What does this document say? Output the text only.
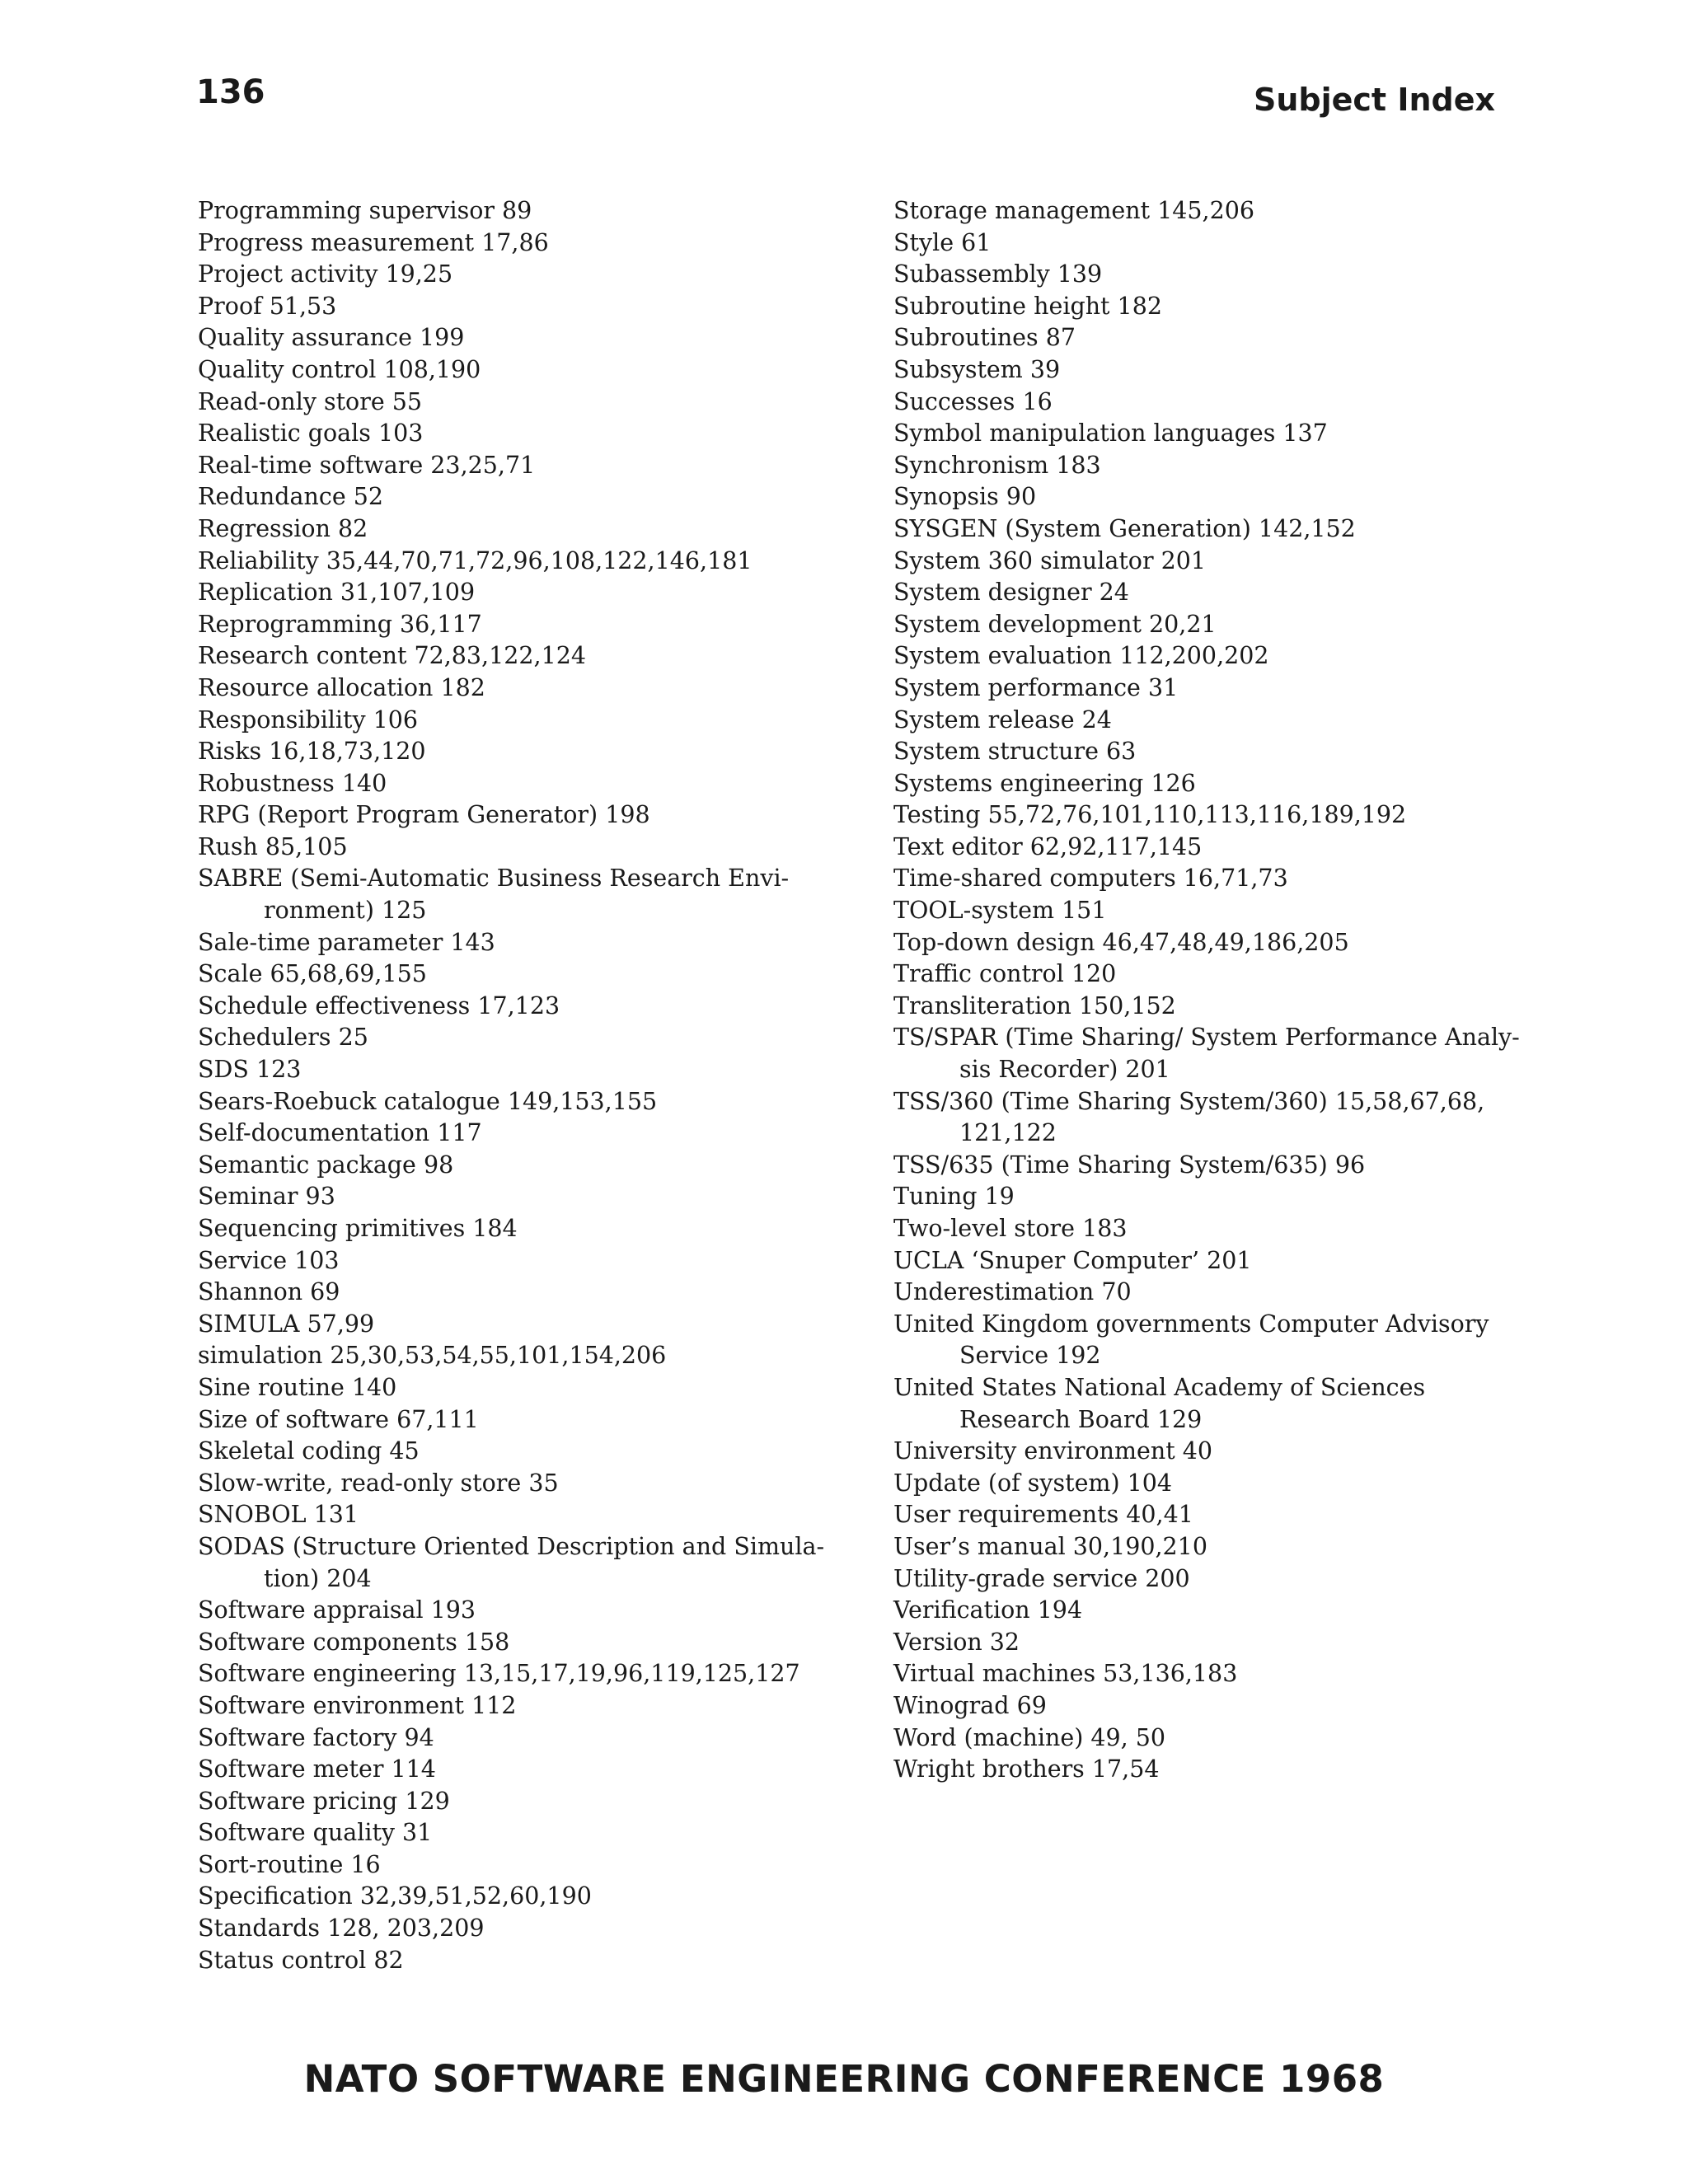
136	Subject Index

Programming supervisor 89

Progress measurement 17,86

Project activity 19,25

Proof 51,53

Quality assurance 199

Quality control 108,190

Read-only store 55

Realistic goals 103

Real-time software 23,25,71

Redundance 52

Regression 82

Reliability 35,44,70,71,72,96,108,122,146,181

Replication 31,107,109

Reprogramming 36,117

Research content 72,83,122,124

Resource allocation 182

Responsibility 106

Risks 16,18,73,120

Robustness 140

RPG (Report Program Generator) 198

Rush 85,105

SABRE (Semi-Automatic Business Research Envi-

ronment) 125

Sale-time parameter 143

Scale 65,68,69,155

Schedule effectiveness 17,123

Schedulers 25

SDS 123

Sears-Roebuck catalogue 149,153,155

Self-documentation 117

Semantic package 98

Seminar 93

Sequencing primitives 184

Service 103

Shannon 69

SIMULA 57,99

simulation 25,30,53,54,55,101,154,206

Sine routine 140

Size of software 67,111

Skeletal coding 45

Slow-write, read-only store 35

SNOBOL 131

SODAS (Structure Oriented Description and Simula-

tion) 204

Software appraisal 193

Software components 158

Software engineering 13,15,17,19,96,119,125,127

Software environment 112

Software factory 94

Software meter 114

Software pricing 129

Software quality 31

Sort-routine 16

Specification 32,39,51,52,60,190

Standards 128, 203,209

Status control 82

Storage management 145,206

Style 61

Subassembly 139

Subroutine height 182

Subroutines 87

Subsystem 39

Successes 16

Symbol manipulation languages 137

Synchronism 183

Synopsis 90

SYSGEN (System Generation) 142,152

System 360 simulator 201

System designer 24

System development 20,21

System evaluation 112,200,202

System performance 31

System release 24

System structure 63

Systems engineering 126

Testing 55,72,76,101,110,113,116,189,192

Text editor 62,92,117,145

Time-shared computers 16,71,73

TOOL-system 151

Top-down design 46,47,48,49,186,205

Traffic control 120

Transliteration 150,152

TS/SPAR (Time Sharing/ System Performance Analy-

sis Recorder) 201

TSS/360 (Time Sharing System/360) 15,58,67,68,

121,122

TSS/635 (Time Sharing System/635) 96

Tuning 19

Two-level store 183

UCLA ‘Snuper Computer’ 201

Underestimation 70

United Kingdom governments Computer Advisory

Service 192

United States National Academy of Sciences

Research Board 129

University environment 40

Update (of system) 104

User requirements 40,41

User’s manual 30,190,210

Utility-grade service 200

Verification 194

Version 32

Virtual machines 53,136,183

Winograd 69

Word (machine) 49, 50

Wright brothers 17,54

NATO SOFTWARE ENGINEERING CONFERENCE 1968
